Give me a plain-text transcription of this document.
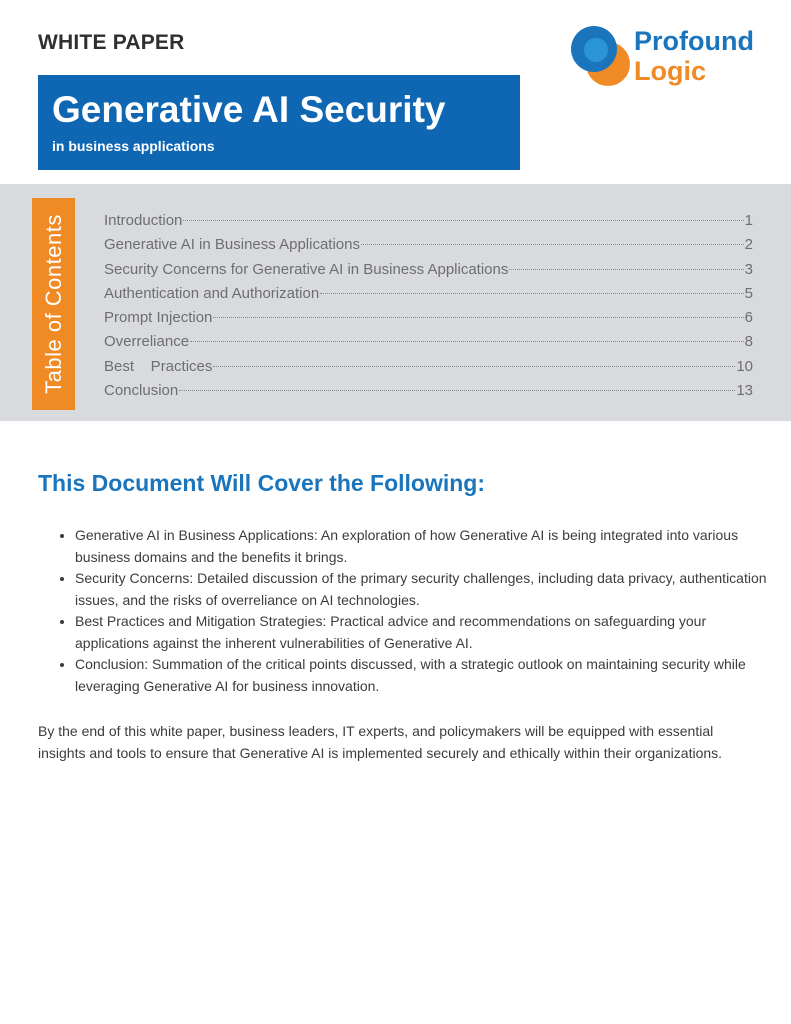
WHITE PAPER
Generative AI Security
in business applications
Profound
Logic
Table of Contents	Introduction	1
Generative AI in Business Applications	2
Security Concerns for Generative AI in Business Applications	3
Authentication and Authorization	5
Prompt Injection	6
Overreliance	8
Best    Practices	10
Conclusion	13
This Document Will Cover the Following:
• Generative AI in Business Applications: An exploration of how Generative AI is being integrated into various business domains and the benefits it brings.
• Security Concerns: Detailed discussion of the primary security challenges, including data privacy, authentication issues, and the risks of overreliance on AI technologies.
• Best Practices and Mitigation Strategies: Practical advice and recommendations on safeguarding your applications against the inherent vulnerabilities of Generative AI.
• Conclusion: Summation of the critical points discussed, with a strategic outlook on maintaining security while leveraging Generative AI for business innovation.

By the end of this white paper, business leaders, IT experts, and policymakers will be equipped with essential insights and tools to ensure that Generative AI is implemented securely and ethically within their organizations.
